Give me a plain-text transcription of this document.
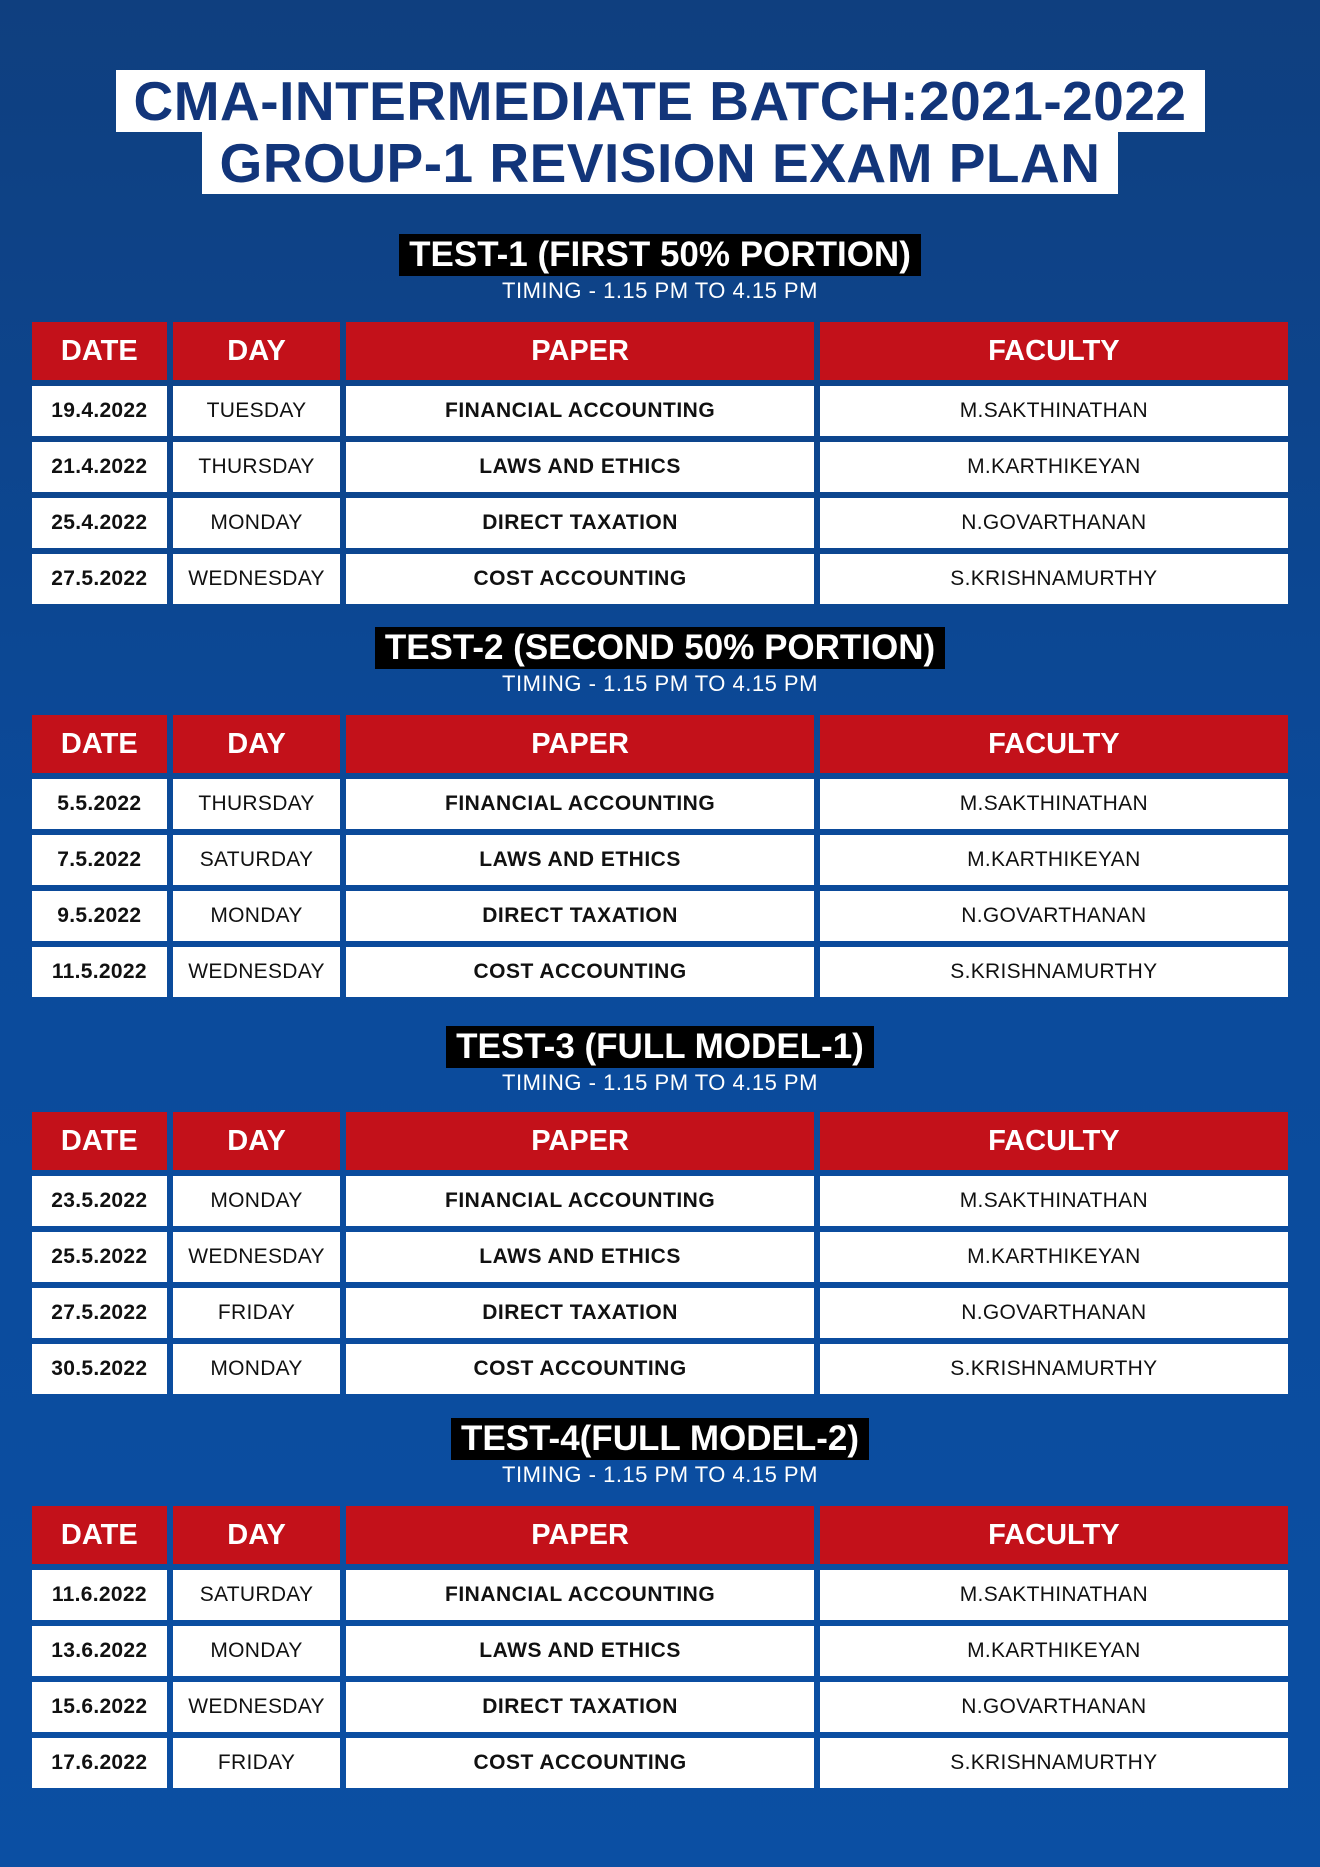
CMA-INTERMEDIATE BATCH:2021-2022
GROUP-1 REVISION EXAM PLAN
TEST-1 (FIRST 50% PORTION)
TIMING - 1.15 PM TO 4.15 PM
DATE	DAY	PAPER	FACULTY
19.4.2022	TUESDAY	FINANCIAL ACCOUNTING	M.SAKTHINATHAN
21.4.2022	THURSDAY	LAWS AND ETHICS	M.KARTHIKEYAN
25.4.2022	MONDAY	DIRECT TAXATION	N.GOVARTHANAN
27.5.2022	WEDNESDAY	COST ACCOUNTING	S.KRISHNAMURTHY
TEST-2 (SECOND 50% PORTION)
TIMING - 1.15 PM TO 4.15 PM
DATE	DAY	PAPER	FACULTY
5.5.2022	THURSDAY	FINANCIAL ACCOUNTING	M.SAKTHINATHAN
7.5.2022	SATURDAY	LAWS AND ETHICS	M.KARTHIKEYAN
9.5.2022	MONDAY	DIRECT TAXATION	N.GOVARTHANAN
11.5.2022	WEDNESDAY	COST ACCOUNTING	S.KRISHNAMURTHY
TEST-3 (FULL MODEL-1)
TIMING - 1.15 PM TO 4.15 PM
DATE	DAY	PAPER	FACULTY
23.5.2022	MONDAY	FINANCIAL ACCOUNTING	M.SAKTHINATHAN
25.5.2022	WEDNESDAY	LAWS AND ETHICS	M.KARTHIKEYAN
27.5.2022	FRIDAY	DIRECT TAXATION	N.GOVARTHANAN
30.5.2022	MONDAY	COST ACCOUNTING	S.KRISHNAMURTHY
TEST-4(FULL MODEL-2)
TIMING - 1.15 PM TO 4.15 PM
DATE	DAY	PAPER	FACULTY
11.6.2022	SATURDAY	FINANCIAL ACCOUNTING	M.SAKTHINATHAN
13.6.2022	MONDAY	LAWS AND ETHICS	M.KARTHIKEYAN
15.6.2022	WEDNESDAY	DIRECT TAXATION	N.GOVARTHANAN
17.6.2022	FRIDAY	COST ACCOUNTING	S.KRISHNAMURTHY
